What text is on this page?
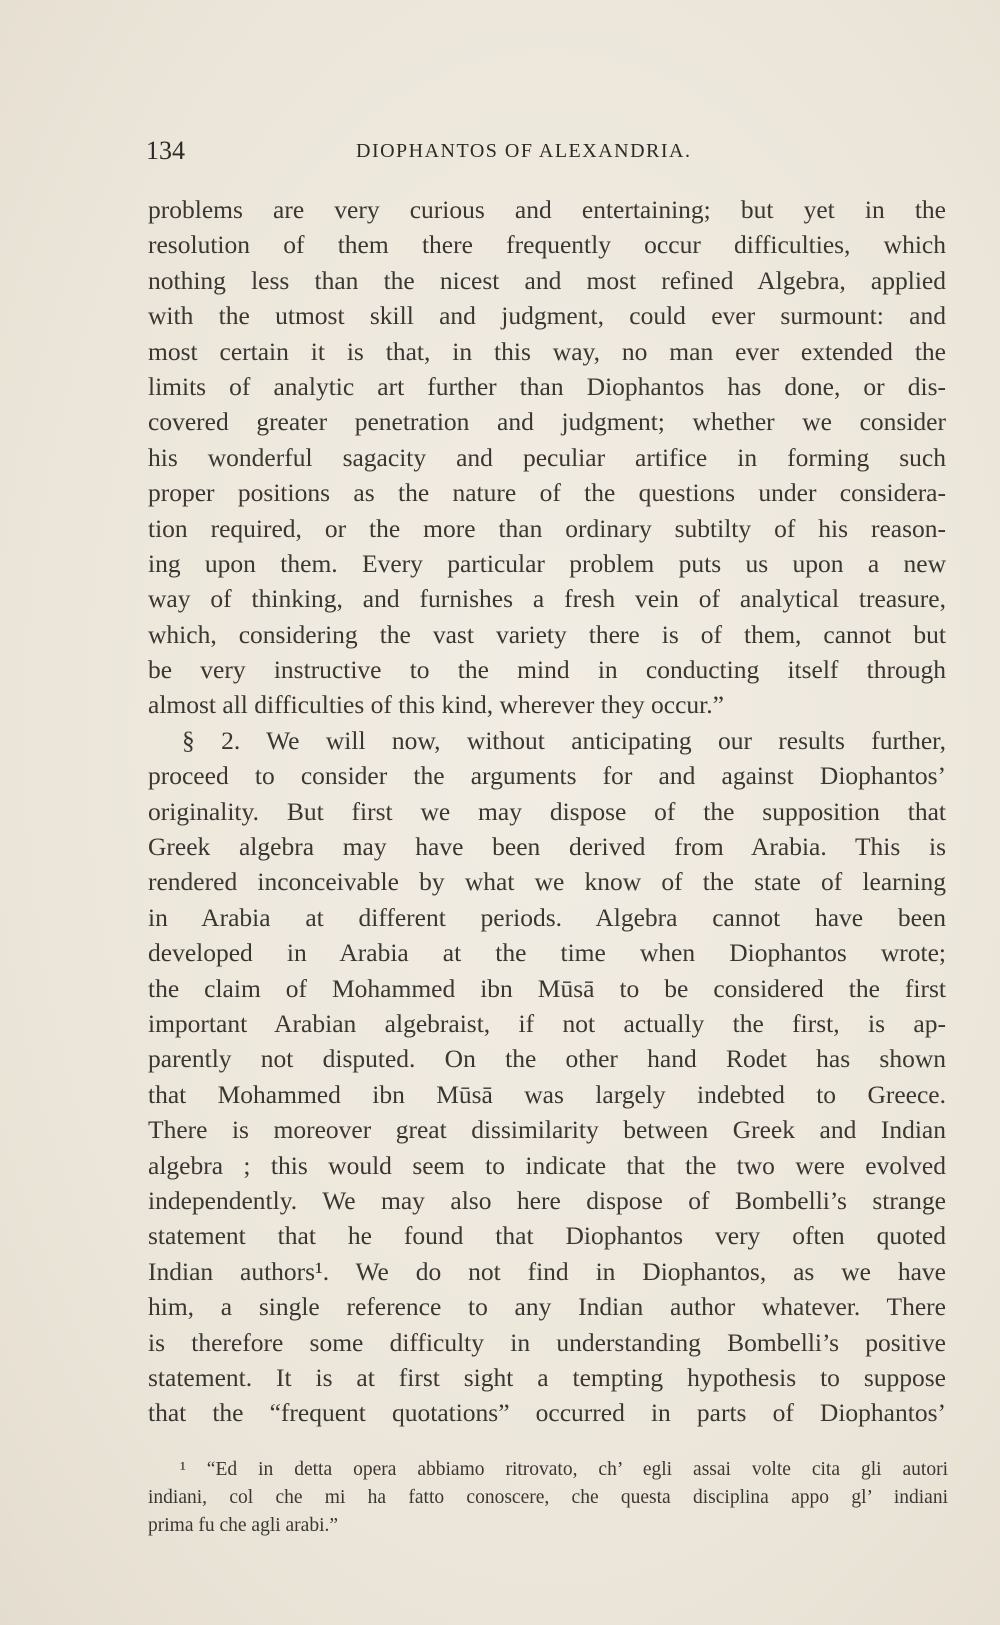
134	DIOPHANTOS OF ALEXANDRIA.
problems are very curious and entertaining; but yet in the
resolution of them there frequently occur difficulties, which
nothing less than the nicest and most refined Algebra, applied
with the utmost skill and judgment, could ever surmount: and
most certain it is that, in this way, no man ever extended the
limits of analytic art further than Diophantos has done, or dis-
covered greater penetration and judgment; whether we consider
his wonderful sagacity and peculiar artifice in forming such
proper positions as the nature of the questions under considera-
tion required, or the more than ordinary subtilty of his reason-
ing upon them. Every particular problem puts us upon a new
way of thinking, and furnishes a fresh vein of analytical treasure,
which, considering the vast variety there is of them, cannot but
be very instructive to the mind in conducting itself through
almost all difficulties of this kind, wherever they occur.”
§ 2. We will now, without anticipating our results further,
proceed to consider the arguments for and against Diophantos’
originality. But first we may dispose of the supposition that
Greek algebra may have been derived from Arabia. This is
rendered inconceivable by what we know of the state of learning
in Arabia at different periods. Algebra cannot have been
developed in Arabia at the time when Diophantos wrote;
the claim of Mohammed ibn Mūsā to be considered the first
important Arabian algebraist, if not actually the first, is ap-
parently not disputed. On the other hand Rodet has shown
that Mohammed ibn Mūsā was largely indebted to Greece.
There is moreover great dissimilarity between Greek and Indian
algebra ; this would seem to indicate that the two were evolved
independently. We may also here dispose of Bombelli’s strange
statement that he found that Diophantos very often quoted
Indian authors¹. We do not find in Diophantos, as we have
him, a single reference to any Indian author whatever. There
is therefore some difficulty in understanding Bombelli’s positive
statement. It is at first sight a tempting hypothesis to suppose
that the “frequent quotations” occurred in parts of Diophantos’
¹ “Ed in detta opera abbiamo ritrovato, ch’ egli assai volte cita gli autori
indiani, col che mi ha fatto conoscere, che questa disciplina appo gl’ indiani
prima fu che agli arabi.”
